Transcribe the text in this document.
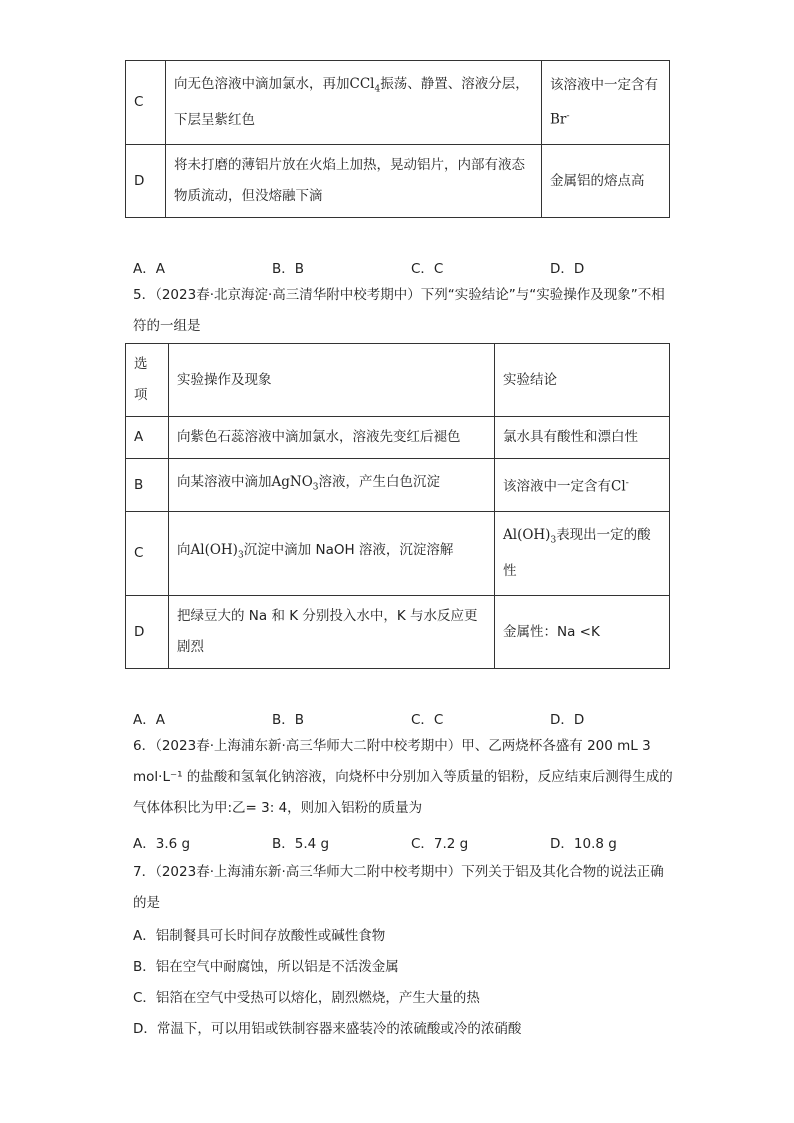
C	向无色溶液中滴加氯水，再加CCl$_4$振荡、静置、溶液分层，下层呈紫红色	该溶液中一定含有Br-
D	将未打磨的薄铝片放在火焰上加热，晃动铝片，内部有液态物质流动，但没熔融下滴	金属铝的熔点高
A．A	B．B	C．C	D．D
5．（2023春·北京海淀·高三清华附中校考期中）下列“实验结论”与“实验操作及现象”不相符的一组是
选项	实验操作及现象	实验结论
A	向紫色石蕊溶液中滴加氯水，溶液先变红后褪色	氯水具有酸性和漂白性
B	向某溶液中滴加AgNO$_3$溶液，产生白色沉淀	该溶液中一定含有Cl-
C	向$Al(OH)_3$沉淀中滴加 NaOH 溶液，沉淀溶解	$Al(OH)_3$表现出一定的酸性
D	把绿豆大的 Na 和 K 分别投入水中，K 与水反应更剧烈	金属性：Na <K
A．A	B．B	C．C	D．D
6．（2023春·上海浦东新·高三华师大二附中校考期中）甲、乙两烧杯各盛有 200 mL 3 mol·L⁻¹ 的盐酸和氢氧化钠溶液，向烧杯中分别加入等质量的铝粉，反应结束后测得生成的气体体积比为甲:乙= 3: 4，则加入铝粉的质量为
A．3.6 g	B．5.4 g	C．7.2 g	D．10.8 g
7．（2023春·上海浦东新·高三华师大二附中校考期中）下列关于铝及其化合物的说法正确的是
A．铝制餐具可长时间存放酸性或碱性食物
B．铝在空气中耐腐蚀，所以铝是不活泼金属
C．铝箔在空气中受热可以熔化，剧烈燃烧，产生大量的热
D．常温下，可以用铝或铁制容器来盛装冷的浓硫酸或冷的浓硝酸
